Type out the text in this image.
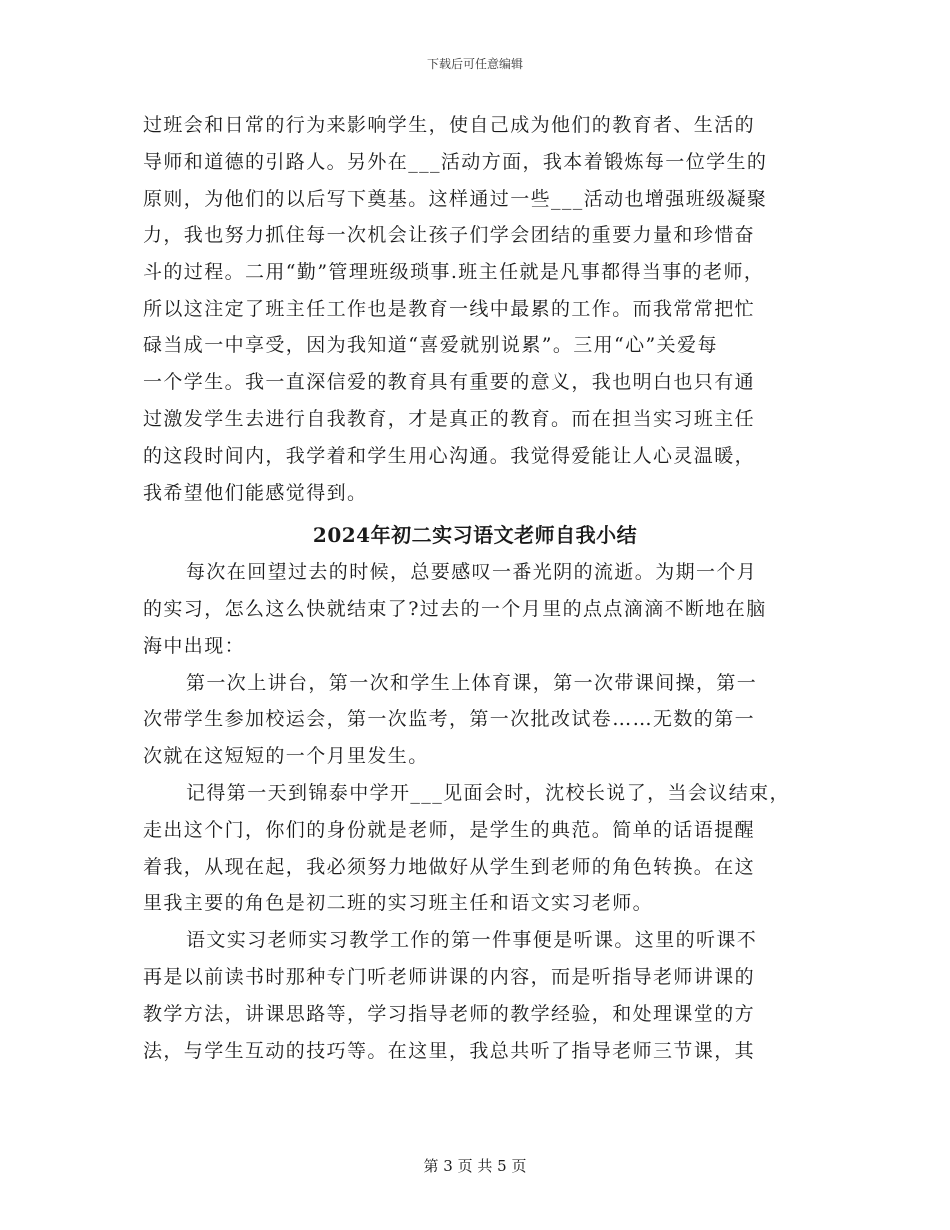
下载后可任意编辑
过班会和日常的行为来影响学生，使自己成为他们的教育者、生活的
导师和道德的引路人。另外在___活动方面，我本着锻炼每一位学生的
原则，为他们的以后写下奠基。这样通过一些___活动也增强班级凝聚
力，我也努力抓住每一次机会让孩子们学会团结的重要力量和珍惜奋
斗的过程。二用“勤”管理班级琐事.班主任就是凡事都得当事的老师，
所以这注定了班主任工作也是教育一线中最累的工作。而我常常把忙
碌当成一中享受，因为我知道“喜爱就别说累”。三用“心”关爱每
一个学生。我一直深信爱的教育具有重要的意义，我也明白也只有通
过激发学生去进行自我教育，才是真正的教育。而在担当实习班主任
的这段时间内，我学着和学生用心沟通。我觉得爱能让人心灵温暖，
我希望他们能感觉得到。
2024年初二实习语文老师自我小结
每次在回望过去的时候，总要感叹一番光阴的流逝。为期一个月
的实习，怎么这么快就结束了?过去的一个月里的点点滴滴不断地在脑
海中出现：
第一次上讲台，第一次和学生上体育课，第一次带课间操，第一
次带学生参加校运会，第一次监考，第一次批改试卷……无数的第一
次就在这短短的一个月里发生。
记得第一天到锦泰中学开___见面会时，沈校长说了，当会议结束，
走出这个门，你们的身份就是老师，是学生的典范。简单的话语提醒
着我，从现在起，我必须努力地做好从学生到老师的角色转换。在这
里我主要的角色是初二班的实习班主任和语文实习老师。
语文实习老师实习教学工作的第一件事便是听课。这里的听课不
再是以前读书时那种专门听老师讲课的内容，而是听指导老师讲课的
教学方法，讲课思路等，学习指导老师的教学经验，和处理课堂的方
法，与学生互动的技巧等。在这里，我总共听了指导老师三节课，其
第 3 页 共 5 页
